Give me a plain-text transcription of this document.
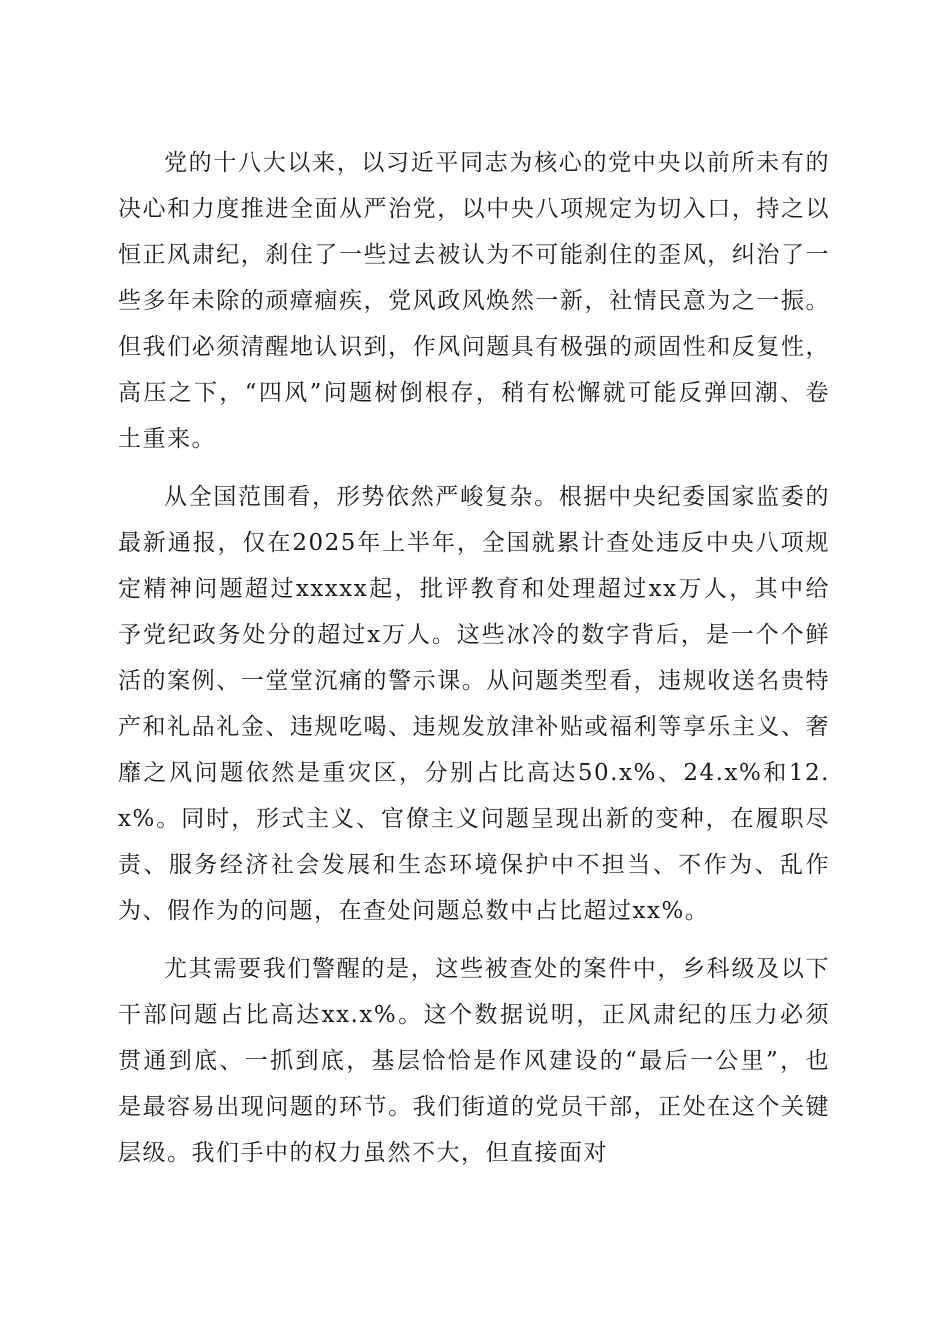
党的十八大以来，以习近平同志为核心的党中央以前所未有的决心和力度推进全面从严治党，以中央八项规定为切入口，持之以恒正风肃纪，刹住了一些过去被认为不可能刹住的歪风，纠治了一些多年未除的顽瘴痼疾，党风政风焕然一新，社情民意为之一振。但我们必须清醒地认识到，作风问题具有极强的顽固性和反复性，高压之下，“四风”问题树倒根存，稍有松懈就可能反弹回潮、卷土重来。

从全国范围看，形势依然严峻复杂。根据中央纪委国家监委的最新通报，仅在2025年上半年，全国就累计查处违反中央八项规定精神问题超过xxxxx起，批评教育和处理超过xx万人，其中给予党纪政务处分的超过x万人。这些冰冷的数字背后，是一个个鲜活的案例、一堂堂沉痛的警示课。从问题类型看，违规收送名贵特产和礼品礼金、违规吃喝、违规发放津补贴或福利等享乐主义、奢靡之风问题依然是重灾区，分别占比高达50.x%、24.x%和12.x%。同时，形式主义、官僚主义问题呈现出新的变种，在履职尽责、服务经济社会发展和生态环境保护中不担当、不作为、乱作为、假作为的问题，在查处问题总数中占比超过xx%。

尤其需要我们警醒的是，这些被查处的案件中，乡科级及以下干部问题占比高达xx.x%。这个数据说明，正风肃纪的压力必须贯通到底、一抓到底，基层恰恰是作风建设的“最后一公里”，也是最容易出现问题的环节。我们街道的党员干部，正处在这个关键层级。我们手中的权力虽然不大，但直接面对
